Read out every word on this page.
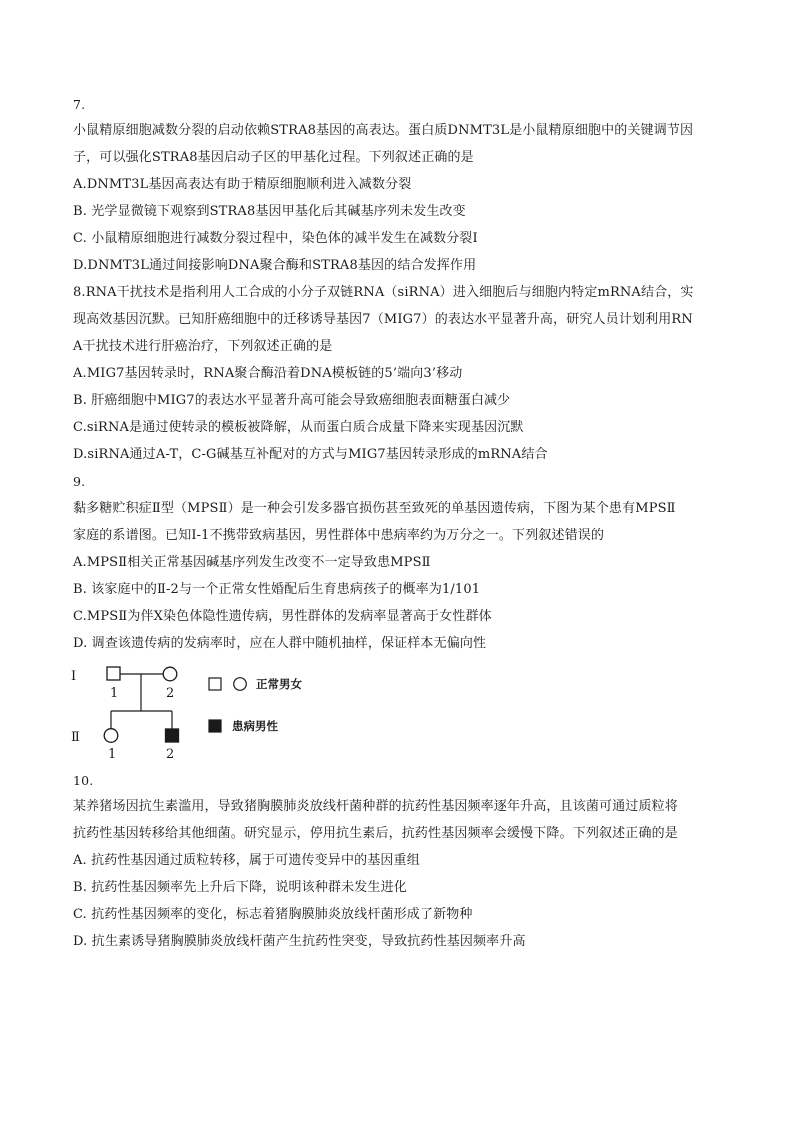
7.
小鼠精原细胞减数分裂的启动依赖STRA8基因的高表达。蛋白质DNMT3L是小鼠精原细胞中的关键调节因
子，可以强化STRA8基因启动子区的甲基化过程。下列叙述正确的是
A.DNMT3L基因高表达有助于精原细胞顺利进入减数分裂
B. 光学显微镜下观察到STRA8基因甲基化后其碱基序列未发生改变
C. 小鼠精原细胞进行减数分裂过程中，染色体的减半发生在减数分裂Ⅰ
D.DNMT3L通过间接影响DNA聚合酶和STRA8基因的结合发挥作用
8.RNA干扰技术是指利用人工合成的小分子双链RNA（siRNA）进入细胞后与细胞内特定mRNA结合，实
现高效基因沉默。已知肝癌细胞中的迁移诱导基因7（MIG7）的表达水平显著升高，研究人员计划利用RN
A干扰技术进行肝癌治疗，下列叙述正确的是
A.MIG7基因转录时，RNA聚合酶沿着DNA模板链的5’端向3’移动
B. 肝癌细胞中MIG7的表达水平显著升高可能会导致癌细胞表面糖蛋白减少
C.siRNA是通过使转录的模板被降解，从而蛋白质合成量下降来实现基因沉默
D.siRNA通过A-T，C-G碱基互补配对的方式与MIG7基因转录形成的mRNA结合
9.
黏多糖贮积症Ⅱ型（MPSⅡ）是一种会引发多器官损伤甚至致死的单基因遗传病，下图为某个患有MPSⅡ
家庭的系谱图。已知Ⅰ-1不携带致病基因，男性群体中患病率约为万分之一。下列叙述错误的
A.MPSⅡ相关正常基因碱基序列发生改变不一定导致患MPSⅡ
B. 该家庭中的Ⅱ-2与一个正常女性婚配后生育患病孩子的概率为1/101
C.MPSⅡ为伴X染色体隐性遗传病，男性群体的发病率显著高于女性群体
D. 调查该遗传病的发病率时，应在人群中随机抽样，保证样本无偏向性
I
Ⅱ
1	2
1	2
正常男女
患病男性
10.
某养猪场因抗生素滥用，导致猪胸膜肺炎放线杆菌种群的抗药性基因频率逐年升高，且该菌可通过质粒将
抗药性基因转移给其他细菌。研究显示，停用抗生素后，抗药性基因频率会缓慢下降。下列叙述正确的是
A. 抗药性基因通过质粒转移，属于可遗传变异中的基因重组
B. 抗药性基因频率先上升后下降，说明该种群未发生进化
C. 抗药性基因频率的变化，标志着猪胸膜肺炎放线杆菌形成了新物种
D. 抗生素诱导猪胸膜肺炎放线杆菌产生抗药性突变，导致抗药性基因频率升高
